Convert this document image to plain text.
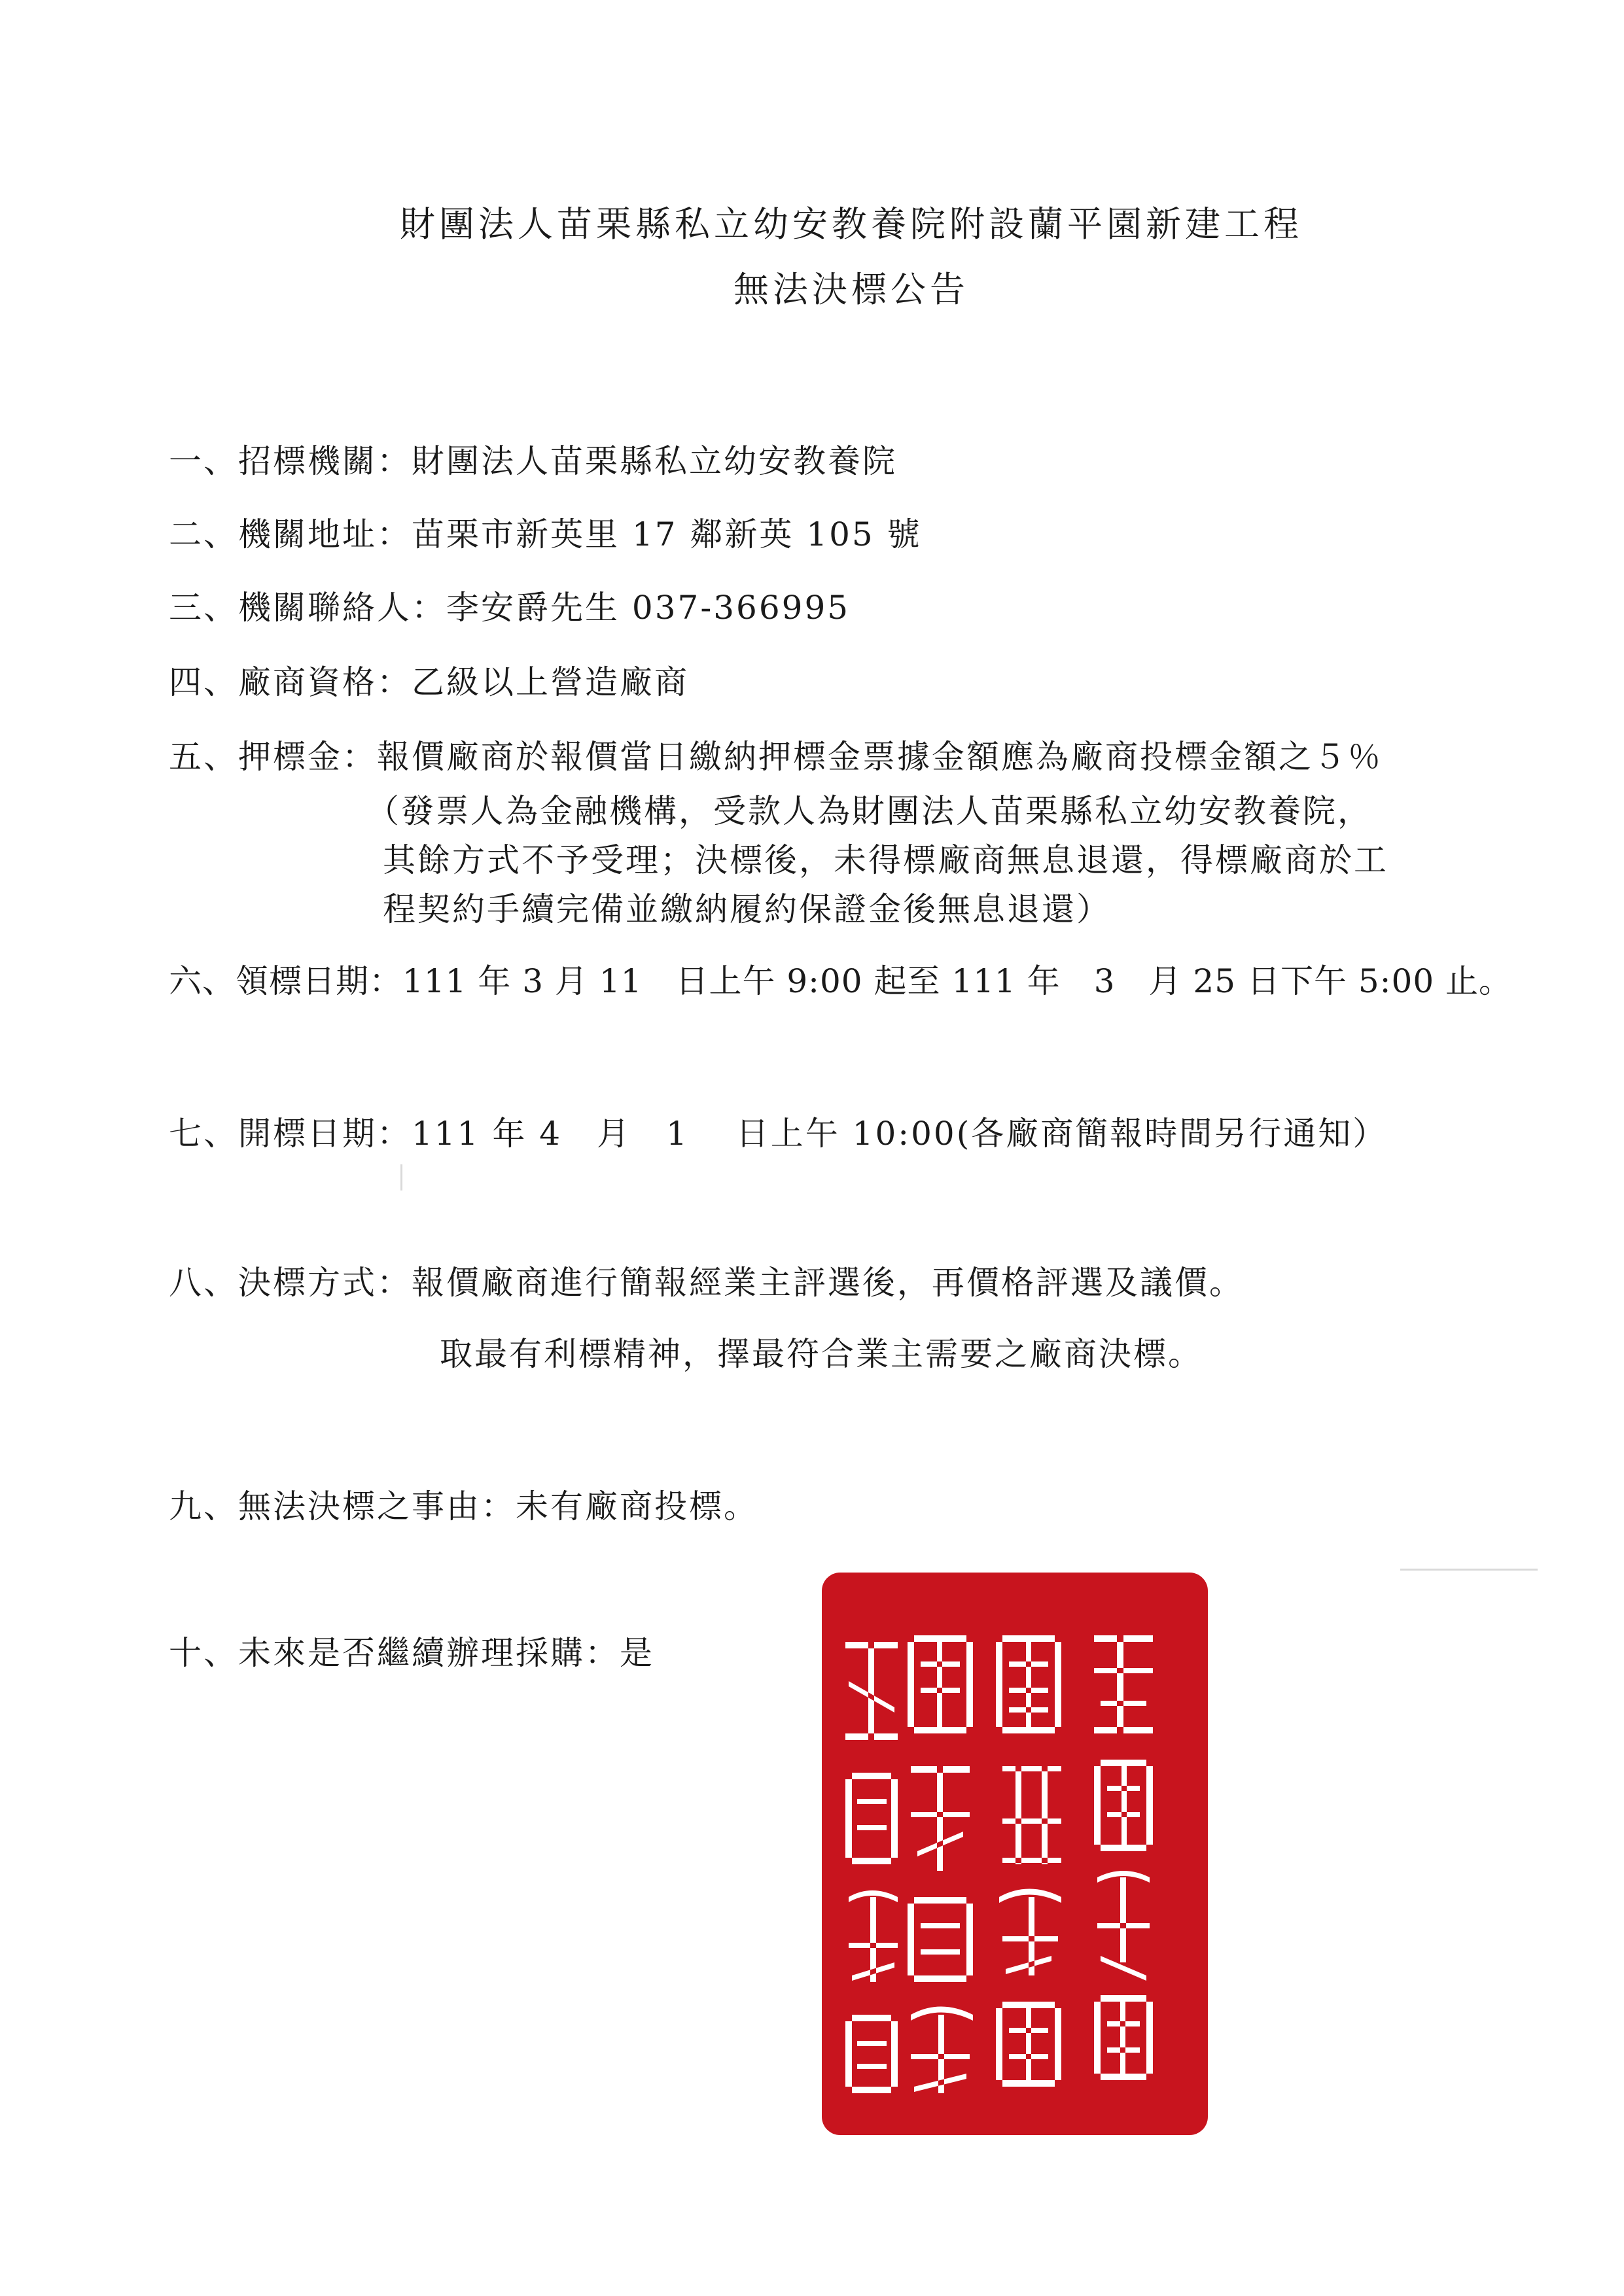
財團法人苗栗縣私立幼安教養院附設蘭平園新建工程
無法決標公告
一、招標機關：財團法人苗栗縣私立幼安教養院
二、機關地址：苗栗市新英里 17 鄰新英 105 號
三、機關聯絡人：李安爵先生 037-366995
四、廠商資格：乙級以上營造廠商
五、押標金：報價廠商於報價當日繳納押標金票據金額應為廠商投標金額之５％
（發票人為金融機構，受款人為財團法人苗栗縣私立幼安教養院，
其餘方式不予受理；決標後，未得標廠商無息退還，得標廠商於工
程契約手續完備並繳納履約保證金後無息退還）
六、領標日期：111 年 3 月 11　日上午 9:00 起至 111 年　3　月 25 日下午 5:00 止。
七、開標日期：111 年 4　月　1　 日上午 10:00(各廠商簡報時間另行通知）
八、決標方式：報價廠商進行簡報經業主評選後，再價格評選及議價。
取最有利標精神，擇最符合業主需要之廠商決標。
九、無法決標之事由：未有廠商投標。
十、未來是否繼續辦理採購：是
